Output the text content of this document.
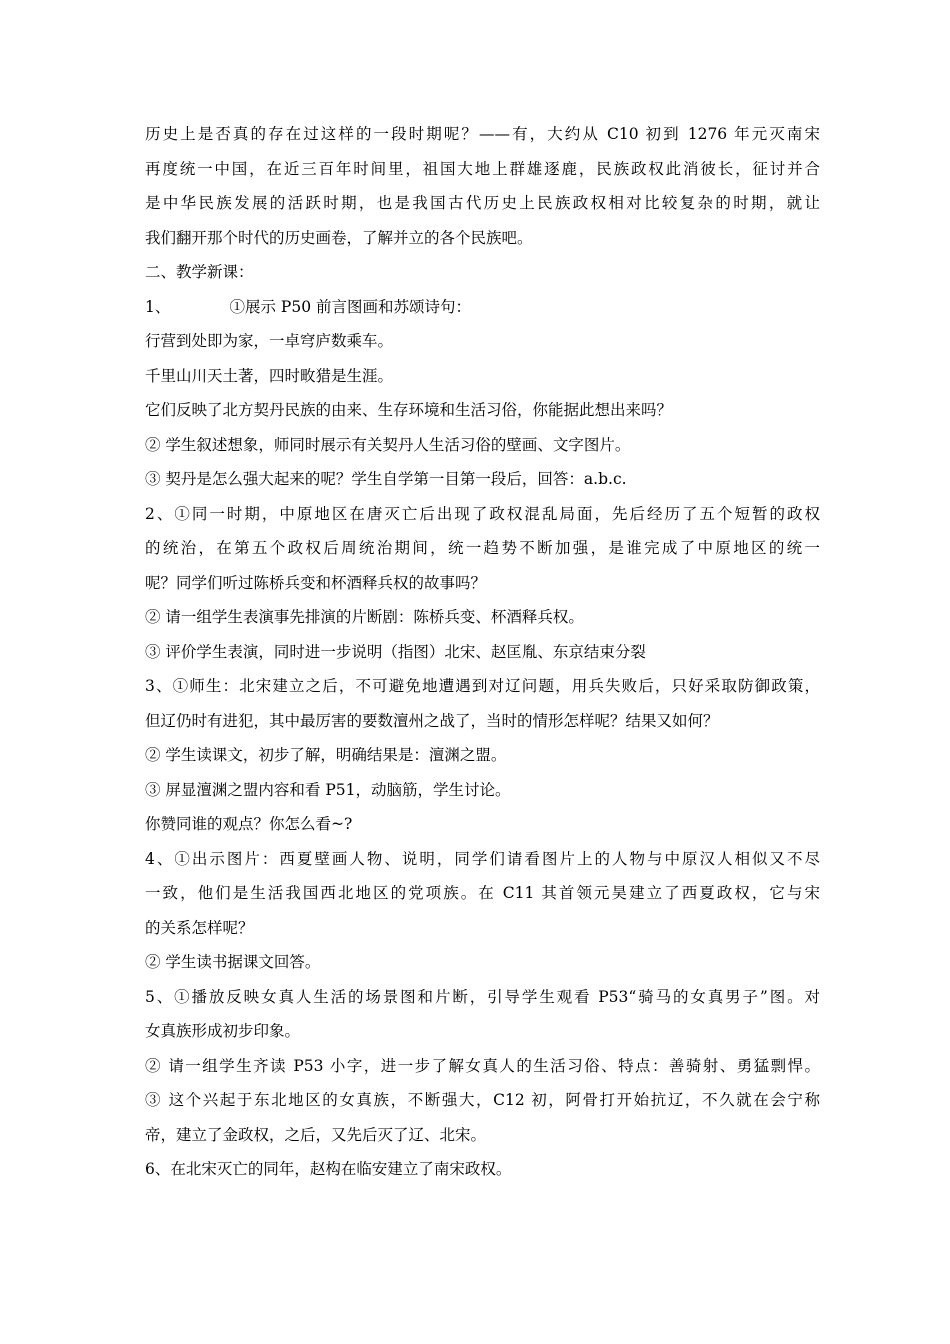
历史上是否真的存在过这样的一段时期呢？——有，大约从 C10 初到 1276 年元灭南宋
再度统一中国，在近三百年时间里，祖国大地上群雄逐鹿，民族政权此消彼长，征讨并合
是中华民族发展的活跃时期，也是我国古代历史上民族政权相对比较复杂的时期，就让
我们翻开那个时代的历史画卷，了解并立的各个民族吧。
二、教学新课：
1、            ①展示 P50 前言图画和苏颂诗句：
行营到处即为家，一卓穹庐数乘车。
千里山川天土著，四时畋猎是生涯。
它们反映了北方契丹民族的由来、生存环境和生活习俗，你能据此想出来吗？
② 学生叙述想象，师同时展示有关契丹人生活习俗的壁画、文字图片。
③ 契丹是怎么强大起来的呢？学生自学第一目第一段后，回答：a.b.c.
2、①同一时期，中原地区在唐灭亡后出现了政权混乱局面，先后经历了五个短暂的政权
的统治，在第五个政权后周统治期间，统一趋势不断加强，是谁完成了中原地区的统一
呢？同学们听过陈桥兵变和杯酒释兵权的故事吗？
② 请一组学生表演事先排演的片断剧：陈桥兵变、杯酒释兵权。
③ 评价学生表演，同时进一步说明（指图）北宋、赵匡胤、东京结束分裂
3、①师生：北宋建立之后，不可避免地遭遇到对辽问题，用兵失败后，只好采取防御政策，
但辽仍时有进犯，其中最厉害的要数澶州之战了，当时的情形怎样呢？结果又如何？
② 学生读课文，初步了解，明确结果是：澶渊之盟。
③ 屏显澶渊之盟内容和看 P51，动脑筋，学生讨论。
你赞同谁的观点？你怎么看~?
4、①出示图片：西夏壁画人物、说明，同学们请看图片上的人物与中原汉人相似又不尽
一致，他们是生活我国西北地区的党项族。在 C11 其首领元昊建立了西夏政权，它与宋
的关系怎样呢？
② 学生读书据课文回答。
5、①播放反映女真人生活的场景图和片断，引导学生观看 P53“骑马的女真男子”图。对
女真族形成初步印象。
② 请一组学生齐读 P53 小字，进一步了解女真人的生活习俗、特点：善骑射、勇猛剽悍。
③ 这个兴起于东北地区的女真族，不断强大，C12 初，阿骨打开始抗辽，不久就在会宁称
帝，建立了金政权，之后，又先后灭了辽、北宋。
6、在北宋灭亡的同年，赵构在临安建立了南宋政权。
